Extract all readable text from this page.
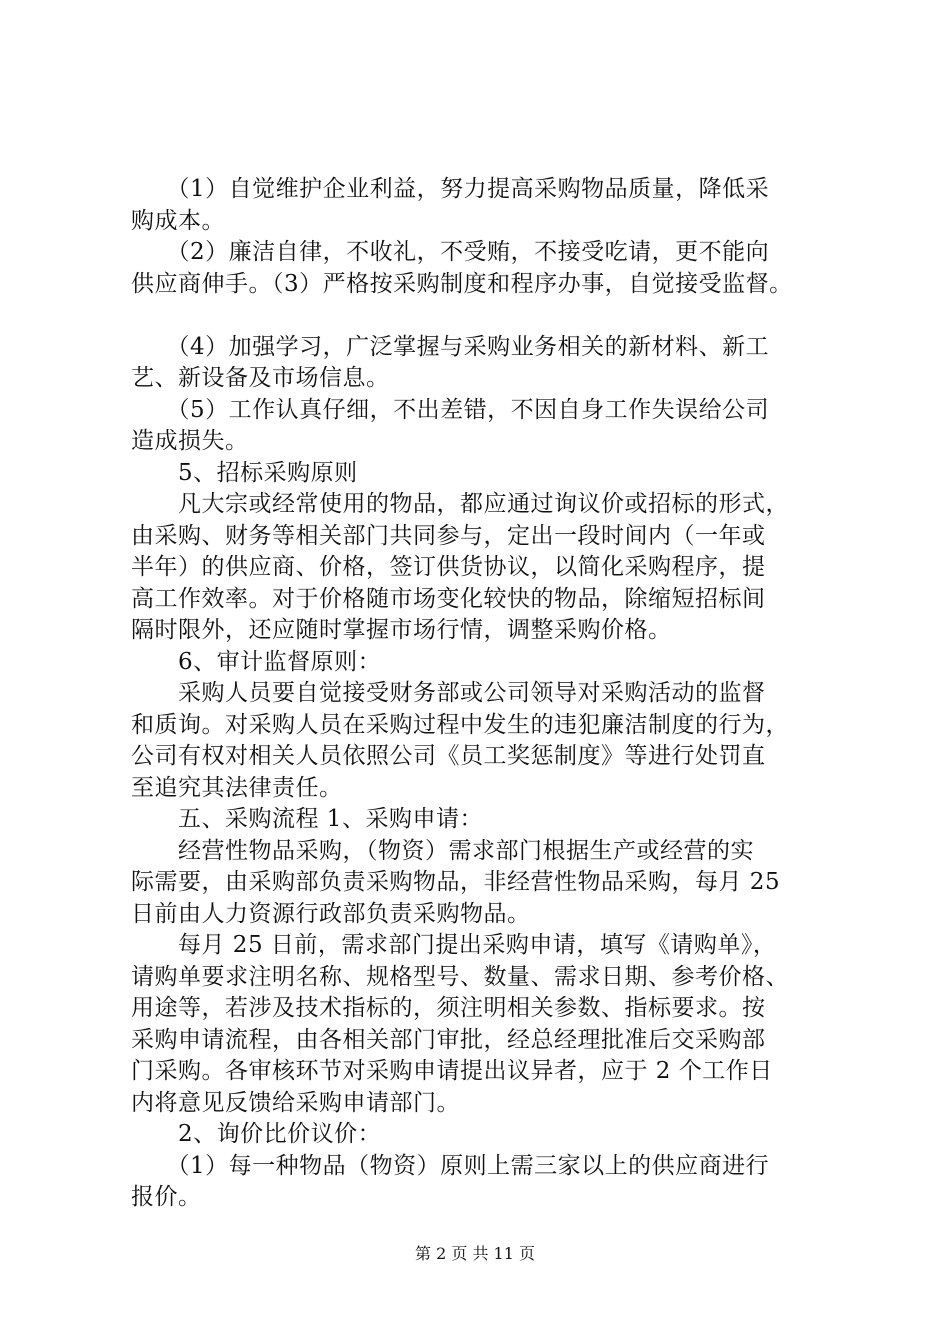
　　（1）自觉维护企业利益，努力提高采购物品质量，降低采
购成本。
　　（2）廉洁自律，不收礼，不受贿，不接受吃请，更不能向
供应商伸手。（3）严格按采购制度和程序办事，自觉接受监督。
　　（4）加强学习，广泛掌握与采购业务相关的新材料、新工
艺、新设备及市场信息。
　　（5）工作认真仔细，不出差错，不因自身工作失误给公司
造成损失。
　　5、招标采购原则
　　凡大宗或经常使用的物品，都应通过询议价或招标的形式，
由采购、财务等相关部门共同参与，定出一段时间内（一年或
半年）的供应商、价格，签订供货协议，以简化采购程序，提
高工作效率。对于价格随市场变化较快的物品，除缩短招标间
隔时限外，还应随时掌握市场行情，调整采购价格。
　　6、审计监督原则：
　　采购人员要自觉接受财务部或公司领导对采购活动的监督
和质询。对采购人员在采购过程中发生的违犯廉洁制度的行为，
公司有权对相关人员依照公司《员工奖惩制度》等进行处罚直
至追究其法律责任。
　　五、采购流程 1、采购申请：
　　经营性物品采购，（物资）需求部门根据生产或经营的实
际需要，由采购部负责采购物品，非经营性物品采购，每月 25
日前由人力资源行政部负责采购物品。
　　每月 25 日前，需求部门提出采购申请，填写《请购单》，
请购单要求注明名称、规格型号、数量、需求日期、参考价格、
用途等，若涉及技术指标的，须注明相关参数、指标要求。按
采购申请流程，由各相关部门审批，经总经理批准后交采购部
门采购。各审核环节对采购申请提出议异者，应于 2 个工作日
内将意见反馈给采购申请部门。
　　2、询价比价议价：
　　（1）每一种物品（物资）原则上需三家以上的供应商进行
报价。
第 2 页 共 11 页
